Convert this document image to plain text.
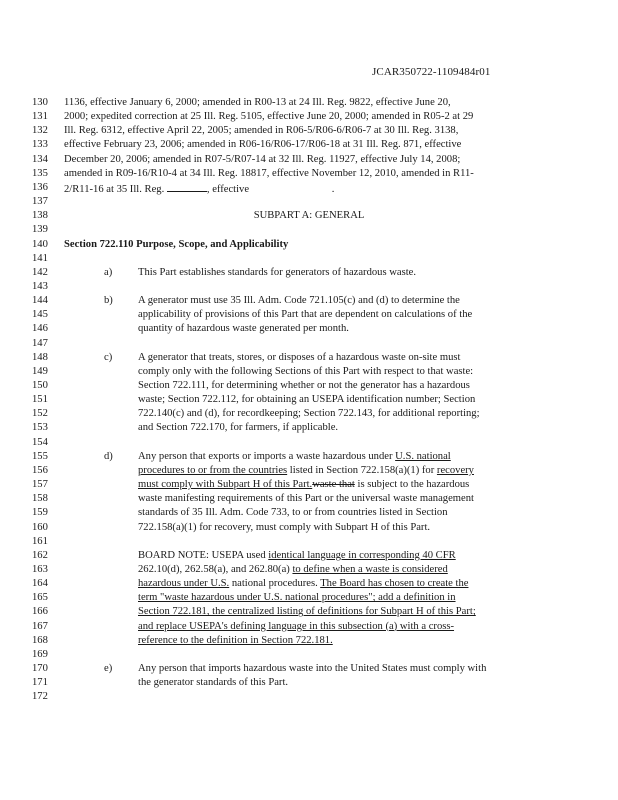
JCAR350722-1109484r01
130	1136, effective January 6, 2000; amended in R00-13 at 24 Ill. Reg. 9822, effective June 20,
131	2000; expedited correction at 25 Ill. Reg. 5105, effective June 20, 2000; amended in R05-2 at 29
132	Ill. Reg. 6312, effective April 22, 2005; amended in R06-5/R06-6/R06-7 at 30 Ill. Reg. 3138,
133	effective February 23, 2006; amended in R06-16/R06-17/R06-18 at 31 Ill. Reg. 871, effective
134	December 20, 2006; amended in R07-5/R07-14 at 32 Ill. Reg. 11927, effective July 14, 2008;
135	amended in R09-16/R10-4 at 34 Ill. Reg. 18817, effective November 12, 2010, amended in R11-
136	2/R11-16 at 35 Ill. Reg.	, effective	.
137
138	SUBPART A: GENERAL
139
140	Section 722.110 Purpose, Scope, and Applicability
141
142	a) This Part establishes standards for generators of hazardous waste.
143
144	b) A generator must use 35 Ill. Adm. Code 721.105(c) and (d) to determine the
145	applicability of provisions of this Part that are dependent on calculations of the
146	quantity of hazardous waste generated per month.
147
148	c) A generator that treats, stores, or disposes of a hazardous waste on-site must
149	comply only with the following Sections of this Part with respect to that waste:
150	Section 722.111, for determining whether or not the generator has a hazardous
151	waste; Section 722.112, for obtaining an USEPA identification number; Section
152	722.140(c) and (d), for recordkeeping; Section 722.143, for additional reporting;
153	and Section 722.170, for farmers, if applicable.
154
155	d) Any person that exports or imports a waste hazardous under U.S. national
156	procedures to or from the countries listed in Section 722.158(a)(1) for recovery
157	must comply with Subpart H of this Part.waste that is subject to the hazardous
158	waste manifesting requirements of this Part or the universal waste management
159	standards of 35 Ill. Adm. Code 733, to or from countries listed in Section
160	722.158(a)(1) for recovery, must comply with Subpart H of this Part.
161
162	BOARD NOTE: USEPA used identical language in corresponding 40 CFR
163	262.10(d), 262.58(a), and 262.80(a) to define when a waste is considered
164	hazardous under U.S. national procedures. The Board has chosen to create the
165	term "waste hazardous under U.S. national procedures"; add a definition in
166	Section 722.181, the centralized listing of definitions for Subpart H of this Part;
167	and replace USEPA's defining language in this subsection (a) with a cross-
168	reference to the definition in Section 722.181.
169
170	e) Any person that imports hazardous waste into the United States must comply with
171	the generator standards of this Part.
172
